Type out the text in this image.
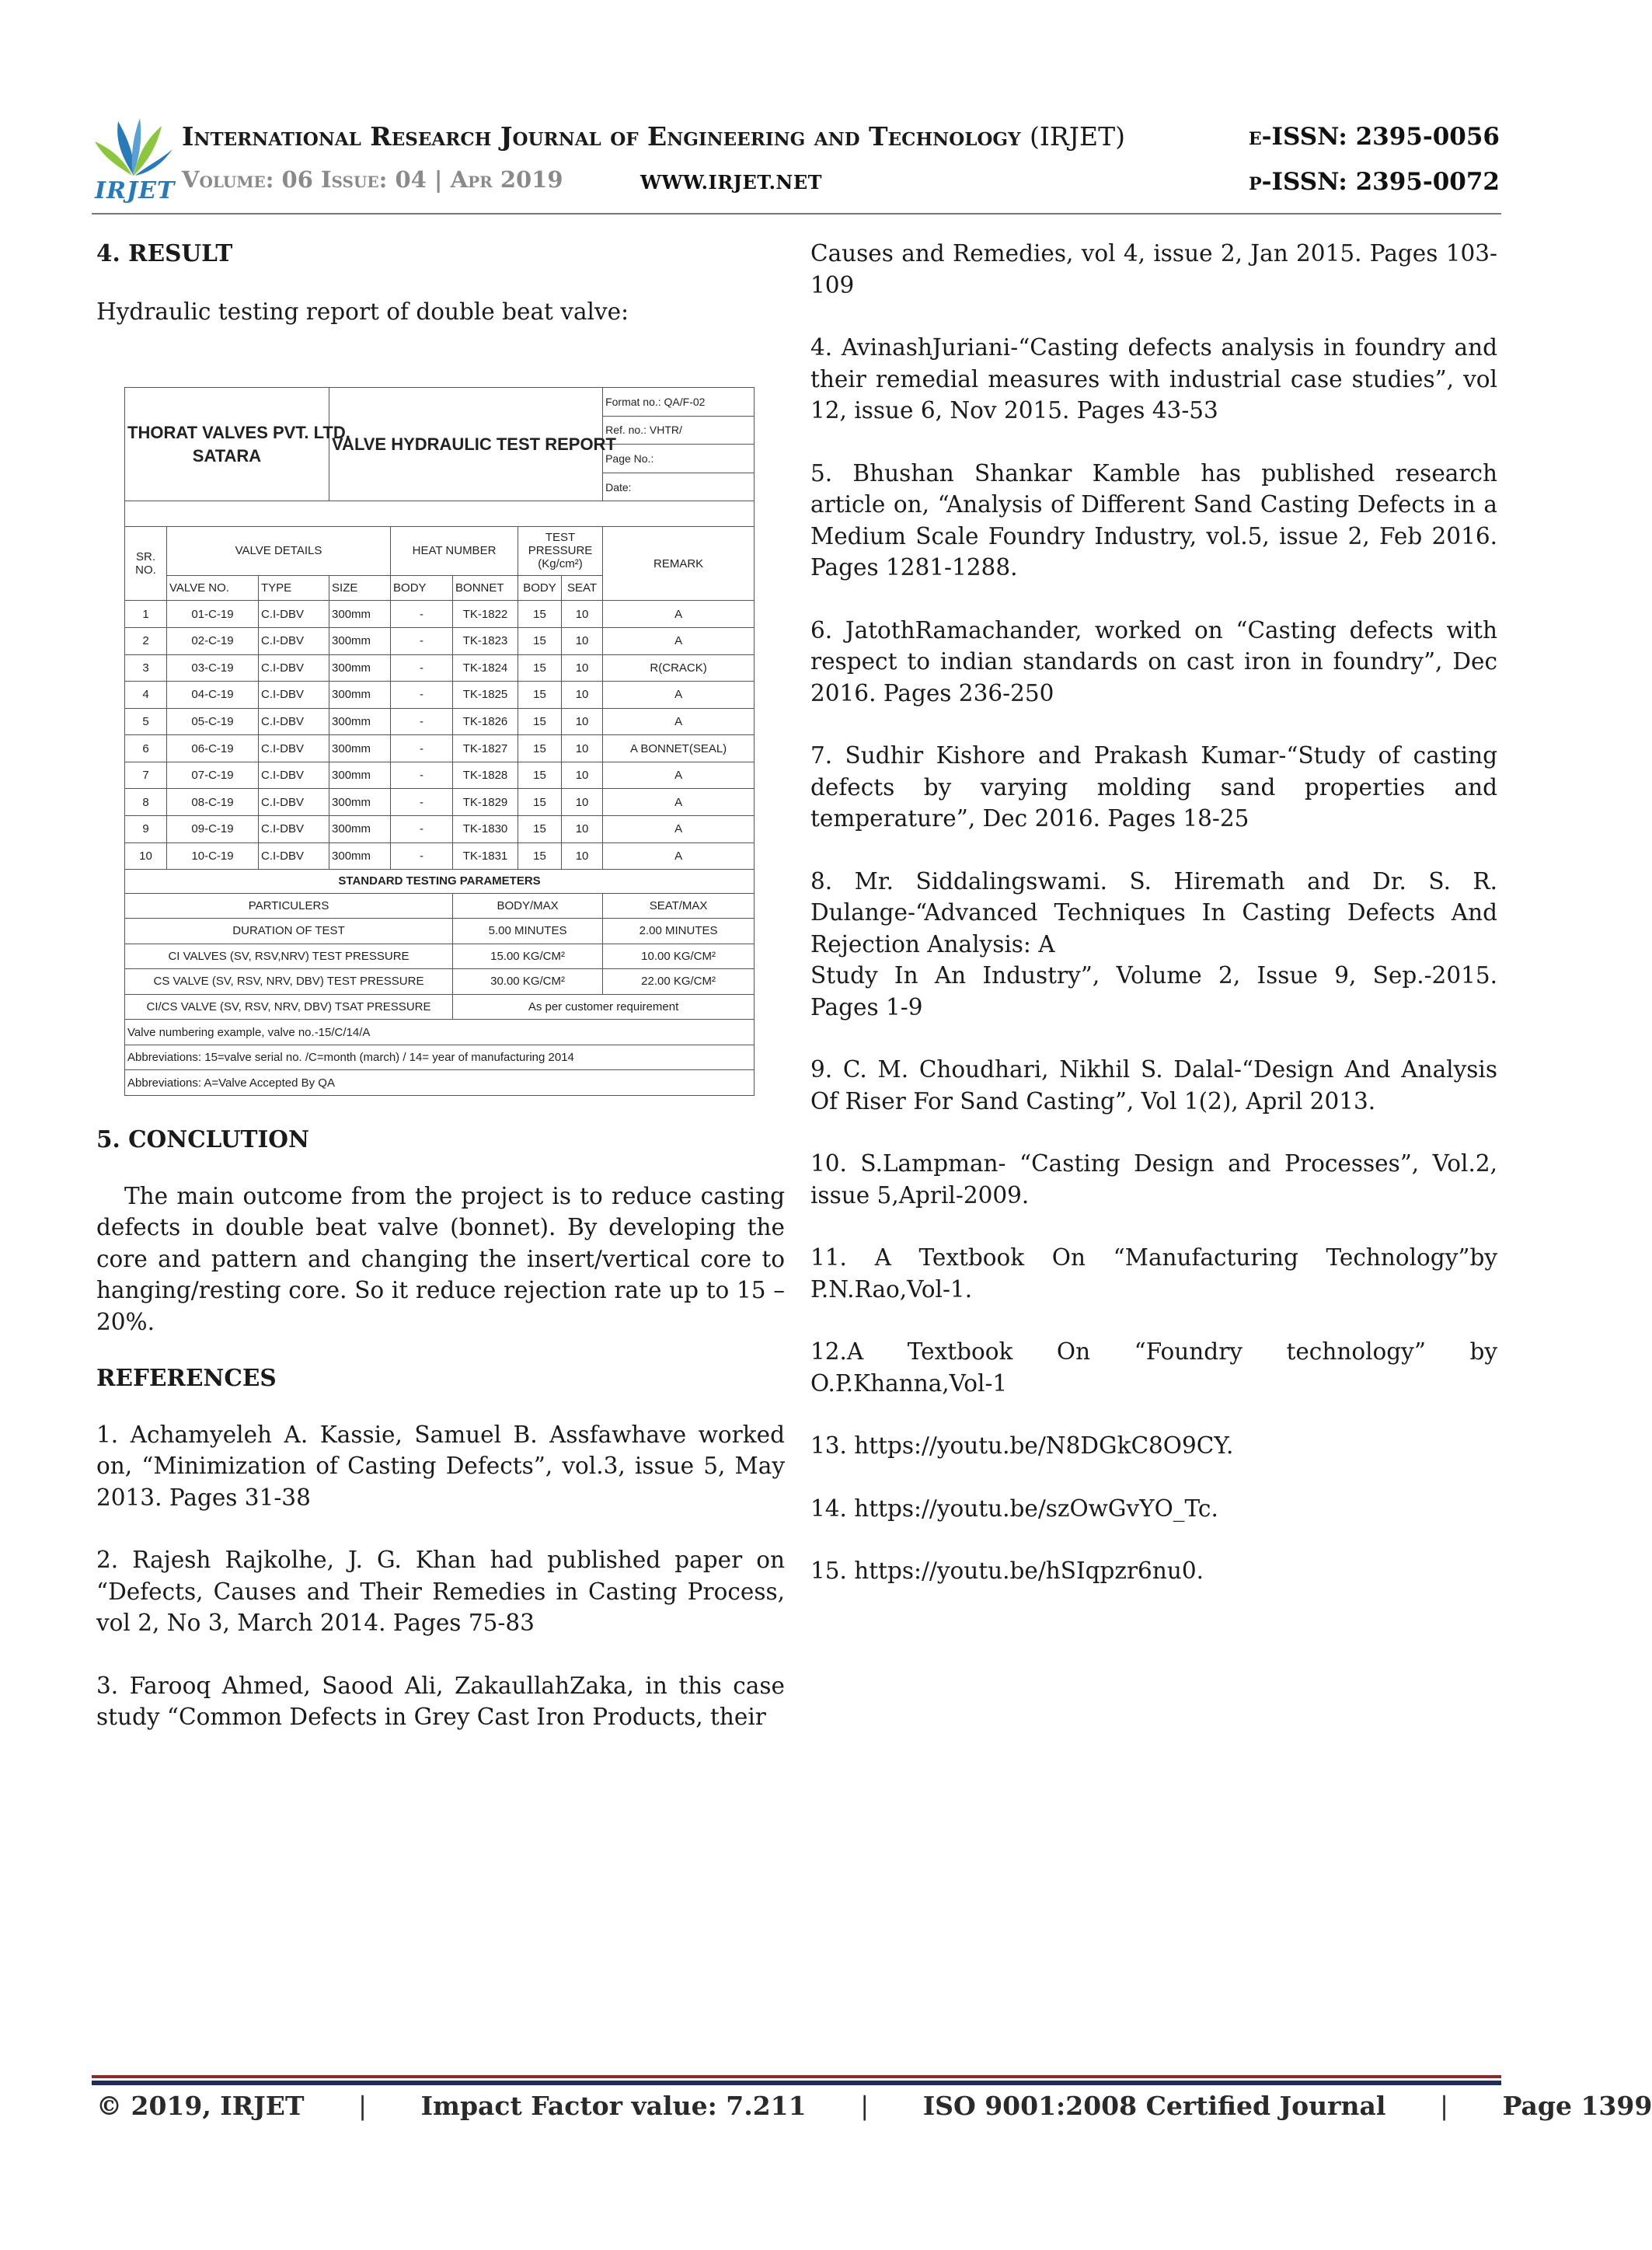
IRJET
International Research Journal of Engineering and Technology (IRJET)	e-ISSN: 2395-0056
Volume: 06 Issue: 04 | Apr 2019	WWW.IRJET.NET	p-ISSN: 2395-0072
4. RESULT
Hydraulic testing report of double beat valve:
THORAT VALVES PVT. LTD.
SATARA			VALVE HYDRAULIC TEST REPORT					Format no.: QA/F-02
								Ref. no.: VHTR/
								Page No.:
								Date:

SR. NO.	VALVE DETAILS			HEAT NUMBER		TEST PRESSURE (Kg/cm²)		REMARK
	VALVE NO.	TYPE	SIZE	BODY	BONNET	BODY	SEAT	
1	01-C-19	C.I-DBV	300mm	-	TK-1822	15	10	A
2	02-C-19	C.I-DBV	300mm	-	TK-1823	15	10	A
3	03-C-19	C.I-DBV	300mm	-	TK-1824	15	10	R(CRACK)
4	04-C-19	C.I-DBV	300mm	-	TK-1825	15	10	A
5	05-C-19	C.I-DBV	300mm	-	TK-1826	15	10	A
6	06-C-19	C.I-DBV	300mm	-	TK-1827	15	10	A BONNET(SEAL)
7	07-C-19	C.I-DBV	300mm	-	TK-1828	15	10	A
8	08-C-19	C.I-DBV	300mm	-	TK-1829	15	10	A
9	09-C-19	C.I-DBV	300mm	-	TK-1830	15	10	A
10	10-C-19	C.I-DBV	300mm	-	TK-1831	15	10	A
STANDARD TESTING PARAMETERS								
PARTICULERS					BODY/MAX			SEAT/MAX
DURATION OF TEST					5.00 MINUTES			2.00 MINUTES
CI VALVES (SV, RSV,NRV) TEST PRESSURE					15.00 KG/CM²			10.00 KG/CM²
CS VALVE (SV, RSV, NRV, DBV) TEST PRESSURE					30.00 KG/CM²			22.00 KG/CM²
CI/CS VALVE (SV, RSV, NRV, DBV) TSAT PRESSURE					As per customer requirement			
Valve numbering example, valve no.-15/C/14/A								
Abbreviations: 15=valve serial no. /C=month (march) / 14= year of manufacturing 2014								
Abbreviations: A=Valve Accepted By QA								
5. CONCLUTION

The main outcome from the project is to reduce casting defects in double beat valve (bonnet). By developing the core and pattern and changing the insert/vertical core to hanging/resting core. So it reduce rejection rate up to 15 – 20%.

REFERENCES

1. Achamyeleh A. Kassie, Samuel B. Assfawhave worked on, “Minimization of Casting Defects”, vol.3, issue 5, May 2013. Pages 31-38

2. Rajesh Rajkolhe, J. G. Khan had published paper on “Defects, Causes and Their Remedies in Casting Process, vol 2, No 3, March 2014. Pages 75-83

3. Farooq Ahmed, Saood Ali, ZakaullahZaka, in this case study “Common Defects in Grey Cast Iron Products, their

Causes and Remedies, vol 4, issue 2, Jan 2015. Pages 103-109

4. AvinashJuriani-“Casting defects analysis in foundry and their remedial measures with industrial case studies”, vol 12, issue 6, Nov 2015. Pages 43-53

5. Bhushan Shankar Kamble has published research article on, “Analysis of Different Sand Casting Defects in a Medium Scale Foundry Industry, vol.5, issue 2, Feb 2016. Pages 1281-1288.

6. JatothRamachander, worked on “Casting defects with respect to indian standards on cast iron in foundry”, Dec 2016. Pages 236-250

7. Sudhir Kishore and Prakash Kumar-“Study of casting defects by varying molding sand properties and temperature”, Dec 2016. Pages 18-25

8. Mr. Siddalingswami. S. Hiremath and Dr. S. R. Dulange-“Advanced Techniques In Casting Defects And Rejection Analysis: A

Study In An Industry”, Volume 2, Issue 9, Sep.-2015. Pages 1-9

9. C. M. Choudhari, Nikhil S. Dalal-“Design And Analysis Of Riser For Sand Casting”, Vol 1(2), April 2013.

10. S.Lampman- “Casting Design and Processes”, Vol.2, issue 5,April-2009.

11. A Textbook On “Manufacturing Technology”by P.N.Rao,Vol-1.

12.A Textbook On “Foundry technology” by O.P.Khanna,Vol-1

13. https://youtu.be/N8DGkC8O9CY.

14. https://youtu.be/szOwGvYO_Tc.

15. https://youtu.be/hSIqpzr6nu0.

© 2019, IRJET | Impact Factor value: 7.211 | ISO 9001:2008 Certified Journal | Page 1399
